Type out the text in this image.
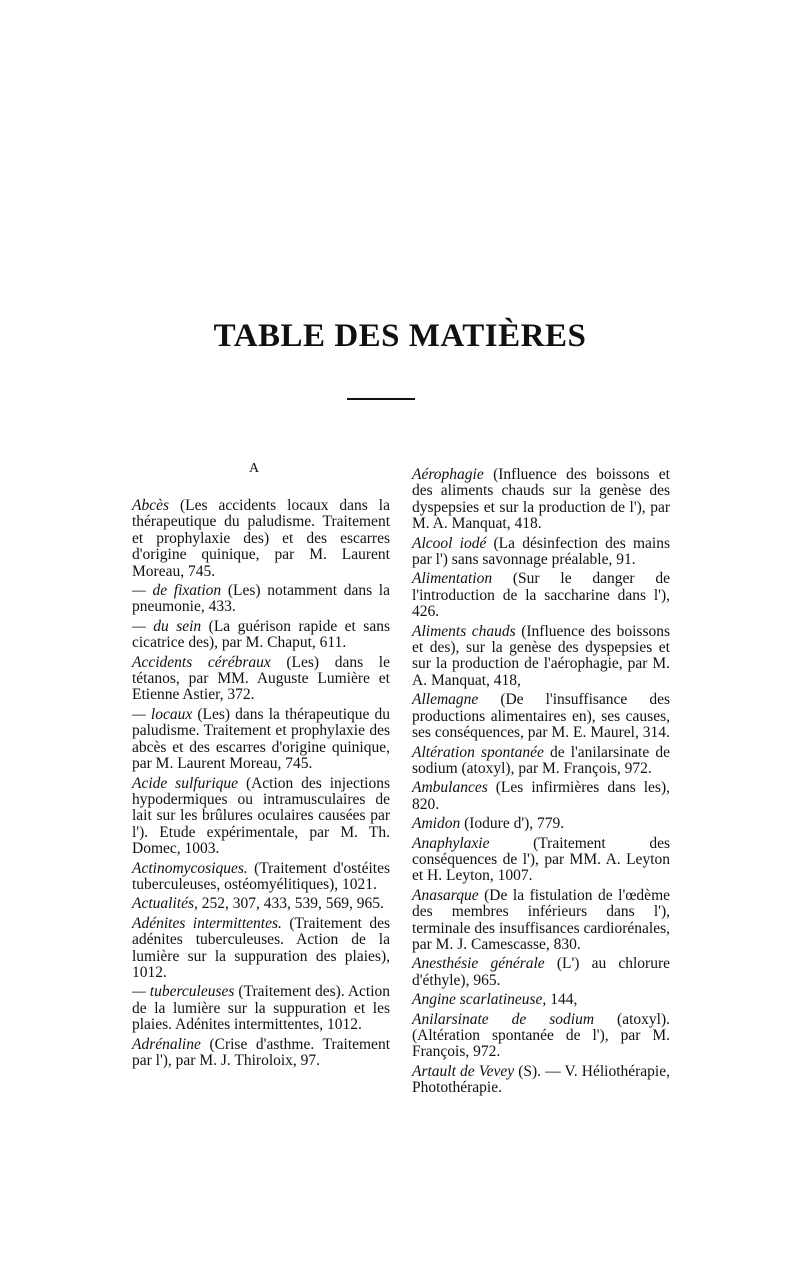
TABLE DES MATIÈRES
A
Abcès (Les accidents locaux dans la thérapeutique du paludisme. Traitement et prophylaxie des) et des escarres d'origine quinique, par M. Laurent Moreau, 745.
— de fixation (Les) notamment dans la pneumonie, 433.
— du sein (La guérison rapide et sans cicatrice des), par M. Chaput, 611.
Accidents cérébraux (Les) dans le tétanos, par MM. Auguste Lumière et Etienne Astier, 372.
— locaux (Les) dans la thérapeutique du paludisme. Traitement et prophylaxie des abcès et des escarres d'origine quinique, par M. Laurent Moreau, 745.
Acide sulfurique (Action des injections hypodermiques ou intramusculaires de lait sur les brûlures oculaires causées par l'). Etude expérimentale, par M. Th. Domec, 1003.
Actinomycosiques. (Traitement d'ostéites tuberculeuses, ostéomyélitiques), 1021.
Actualités, 252, 307, 433, 539, 569, 965.
Adénites intermittentes. (Traitement des adénites tuberculeuses. Action de la lumière sur la suppuration des plaies), 1012.
— tuberculeuses (Traitement des). Action de la lumière sur la suppuration et les plaies. Adénites intermittentes, 1012.
Adrénaline (Crise d'asthme. Traitement par l'), par M. J. Thiroloix, 97.
Aérophagie (Influence des boissons et des aliments chauds sur la genèse des dyspepsies et sur la production de l'), par M. A. Manquat, 418.
Alcool iodé (La désinfection des mains par l') sans savonnage préalable, 91.
Alimentation (Sur le danger de l'introduction de la saccharine dans l'), 426.
Aliments chauds (Influence des boissons et des), sur la genèse des dyspepsies et sur la production de l'aérophagie, par M. A. Manquat, 418,
Allemagne (De l'insuffisance des productions alimentaires en), ses causes, ses conséquences, par M. E. Maurel, 314.
Altération spontanée de l'anilarsinate de sodium (atoxyl), par M. François, 972.
Ambulances (Les infirmières dans les), 820.
Amidon (Iodure d'), 779.
Anaphylaxie (Traitement des conséquences de l'), par MM. A. Leyton et H. Leyton, 1007.
Anasarque (De la fistulation de l'œdème des membres inférieurs dans l'), terminale des insuffisances cardiorénales, par M. J. Camescasse, 830.
Anesthésie générale (L') au chlorure d'éthyle), 965.
Angine scarlatineuse, 144,
Anilarsinate de sodium (atoxyl). (Altération spontanée de l'), par M. François, 972.
Artault de Vevey (S). — V. Héliothérapie, Photothérapie.
